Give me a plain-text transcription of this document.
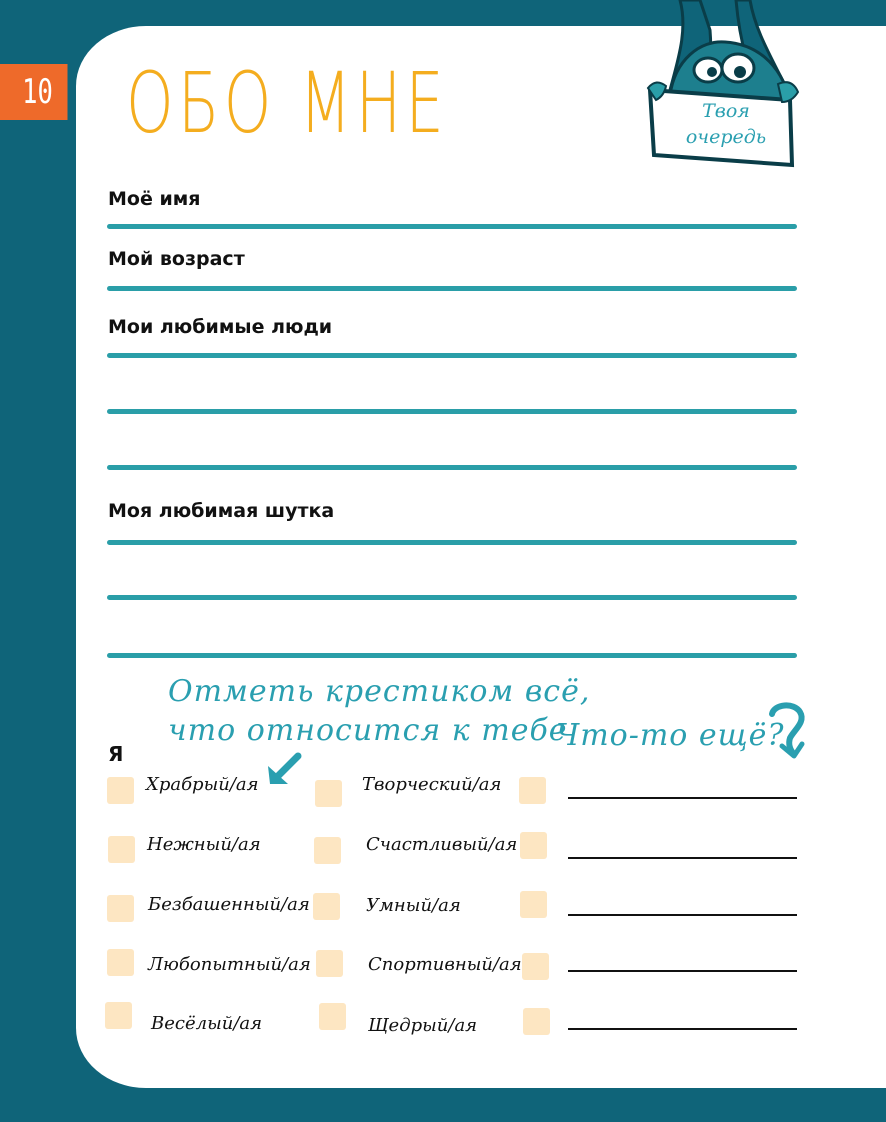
10 ОБО МНЕ	Твоя
очередь
Моё имя
Мой возраст
Мои любимые люди
Моя любимая шутка
Отметь крестиком всё,
что относится к тебе
Что-то ещё?
Я
Храбрый/ая
Нежный/ая
Безбашенный/ая
Любопытный/ая
Весёлый/ая
Творческий/ая
Счастливый/ая
Умный/ая
Спортивный/ая
Щедрый/ая
